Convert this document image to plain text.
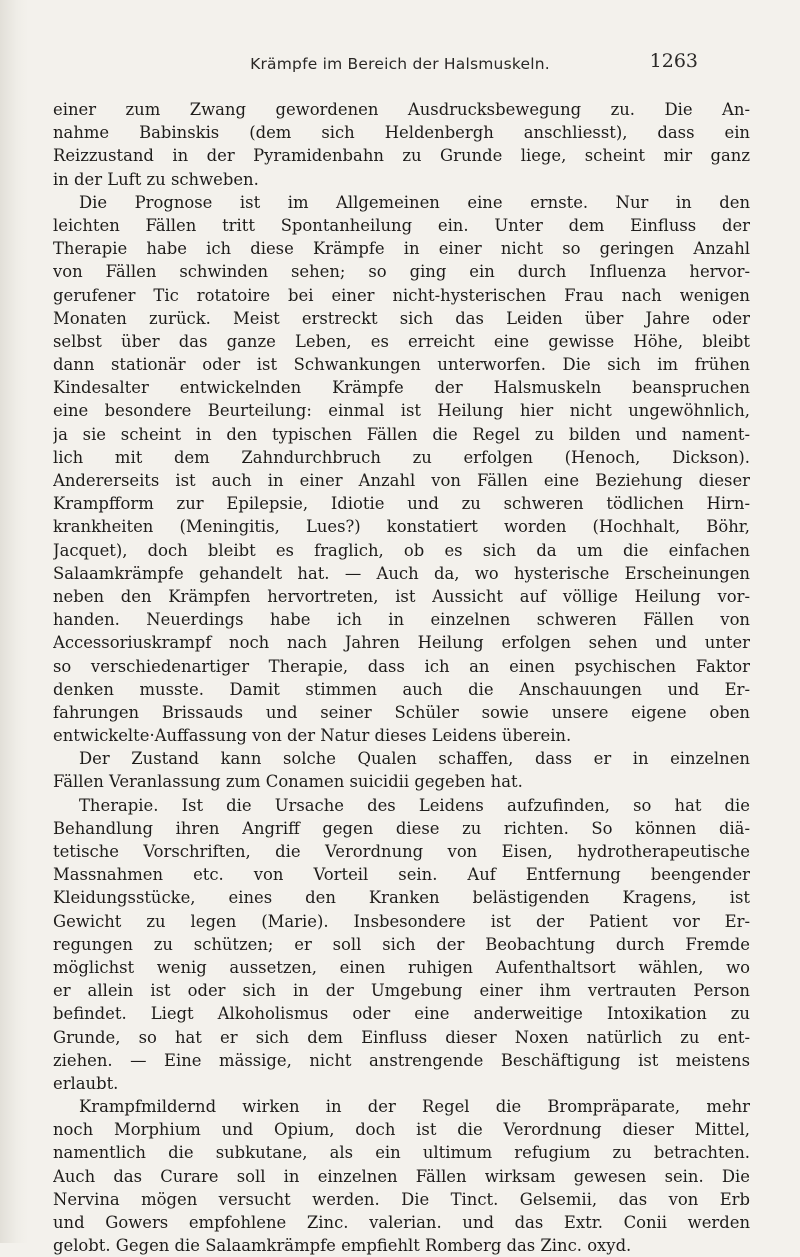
Krämpfe im Bereich der Halsmuskeln.	1263
einer zum Zwang gewordenen Ausdrucksbewegung zu. Die An-
nahme Babinskis (dem sich Heldenbergh anschliesst), dass ein
Reizzustand in der Pyramidenbahn zu Grunde liege, scheint mir ganz
in der Luft zu schweben.
Die Prognose ist im Allgemeinen eine ernste. Nur in den
leichten Fällen tritt Spontanheilung ein. Unter dem Einfluss der
Therapie habe ich diese Krämpfe in einer nicht so geringen Anzahl
von Fällen schwinden sehen; so ging ein durch Influenza hervor-
gerufener Tic rotatoire bei einer nicht-hysterischen Frau nach wenigen
Monaten zurück. Meist erstreckt sich das Leiden über Jahre oder
selbst über das ganze Leben, es erreicht eine gewisse Höhe, bleibt
dann stationär oder ist Schwankungen unterworfen. Die sich im frühen
Kindesalter entwickelnden Krämpfe der Halsmuskeln beanspruchen
eine besondere Beurteilung: einmal ist Heilung hier nicht ungewöhnlich,
ja sie scheint in den typischen Fällen die Regel zu bilden und nament-
lich mit dem Zahndurchbruch zu erfolgen (Henoch, Dickson).
Andererseits ist auch in einer Anzahl von Fällen eine Beziehung dieser
Krampfform zur Epilepsie, Idiotie und zu schweren tödlichen Hirn-
krankheiten (Meningitis, Lues?) konstatiert worden (Hochhalt, Böhr,
Jacquet), doch bleibt es fraglich, ob es sich da um die einfachen
Salaamkrämpfe gehandelt hat. — Auch da, wo hysterische Erscheinungen
neben den Krämpfen hervortreten, ist Aussicht auf völlige Heilung vor-
handen. Neuerdings habe ich in einzelnen schweren Fällen von
Accessoriuskrampf noch nach Jahren Heilung erfolgen sehen und unter
so verschiedenartiger Therapie, dass ich an einen psychischen Faktor
denken musste. Damit stimmen auch die Anschauungen und Er-
fahrungen Brissauds und seiner Schüler sowie unsere eigene oben
entwickelte·Auffassung von der Natur dieses Leidens überein.
Der Zustand kann solche Qualen schaffen, dass er in einzelnen
Fällen Veranlassung zum Conamen suicidii gegeben hat.
Therapie. Ist die Ursache des Leidens aufzufinden, so hat die
Behandlung ihren Angriff gegen diese zu richten. So können diä-
tetische Vorschriften, die Verordnung von Eisen, hydrotherapeutische
Massnahmen etc. von Vorteil sein. Auf Entfernung beengender
Kleidungsstücke, eines den Kranken belästigenden Kragens, ist
Gewicht zu legen (Marie). Insbesondere ist der Patient vor Er-
regungen zu schützen; er soll sich der Beobachtung durch Fremde
möglichst wenig aussetzen, einen ruhigen Aufenthaltsort wählen, wo
er allein ist oder sich in der Umgebung einer ihm vertrauten Person
befindet. Liegt Alkoholismus oder eine anderweitige Intoxikation zu
Grunde, so hat er sich dem Einfluss dieser Noxen natürlich zu ent-
ziehen. — Eine mässige, nicht anstrengende Beschäftigung ist meistens
erlaubt.
Krampfmildernd wirken in der Regel die Brompräparate, mehr
noch Morphium und Opium, doch ist die Verordnung dieser Mittel,
namentlich die subkutane, als ein ultimum refugium zu betrachten.
Auch das Curare soll in einzelnen Fällen wirksam gewesen sein. Die
Nervina mögen versucht werden. Die Tinct. Gelsemii, das von Erb
und Gowers empfohlene Zinc. valerian. und das Extr. Conii werden
gelobt. Gegen die Salaamkrämpfe empfiehlt Romberg das Zinc. oxyd.
